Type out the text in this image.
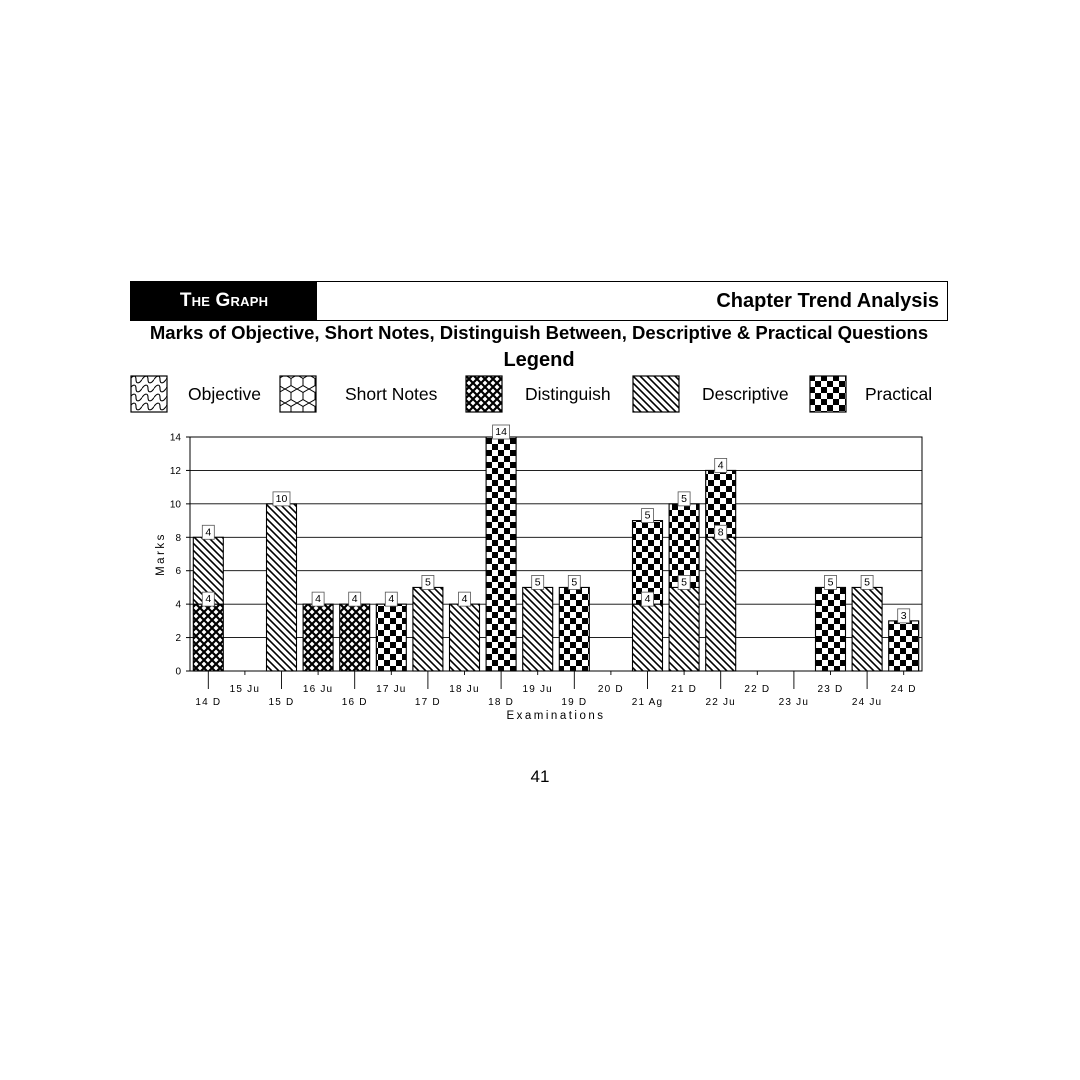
The Graph	Chapter Trend Analysis
Marks of Objective, Short Notes, Distinguish Between, Descriptive & Practical Questions
Legend
Objective	Short Notes	Distinguish	Descriptive	Practical
0
2
4
6
8
10
12
14
14 D
15 Ju
15 D
16 Ju
16 D
17 Ju
17 D
18 Ju
18 D
19 Ju
19 D
20 D
21 Ag
21 D
22 Ju
22 D
23 Ju
23 D
24 Ju
24 D
Examinations
Marks
4
4
10
4	4	4
5
4
14
5	5
4
5
5
5
8
4
5	5
3
41
